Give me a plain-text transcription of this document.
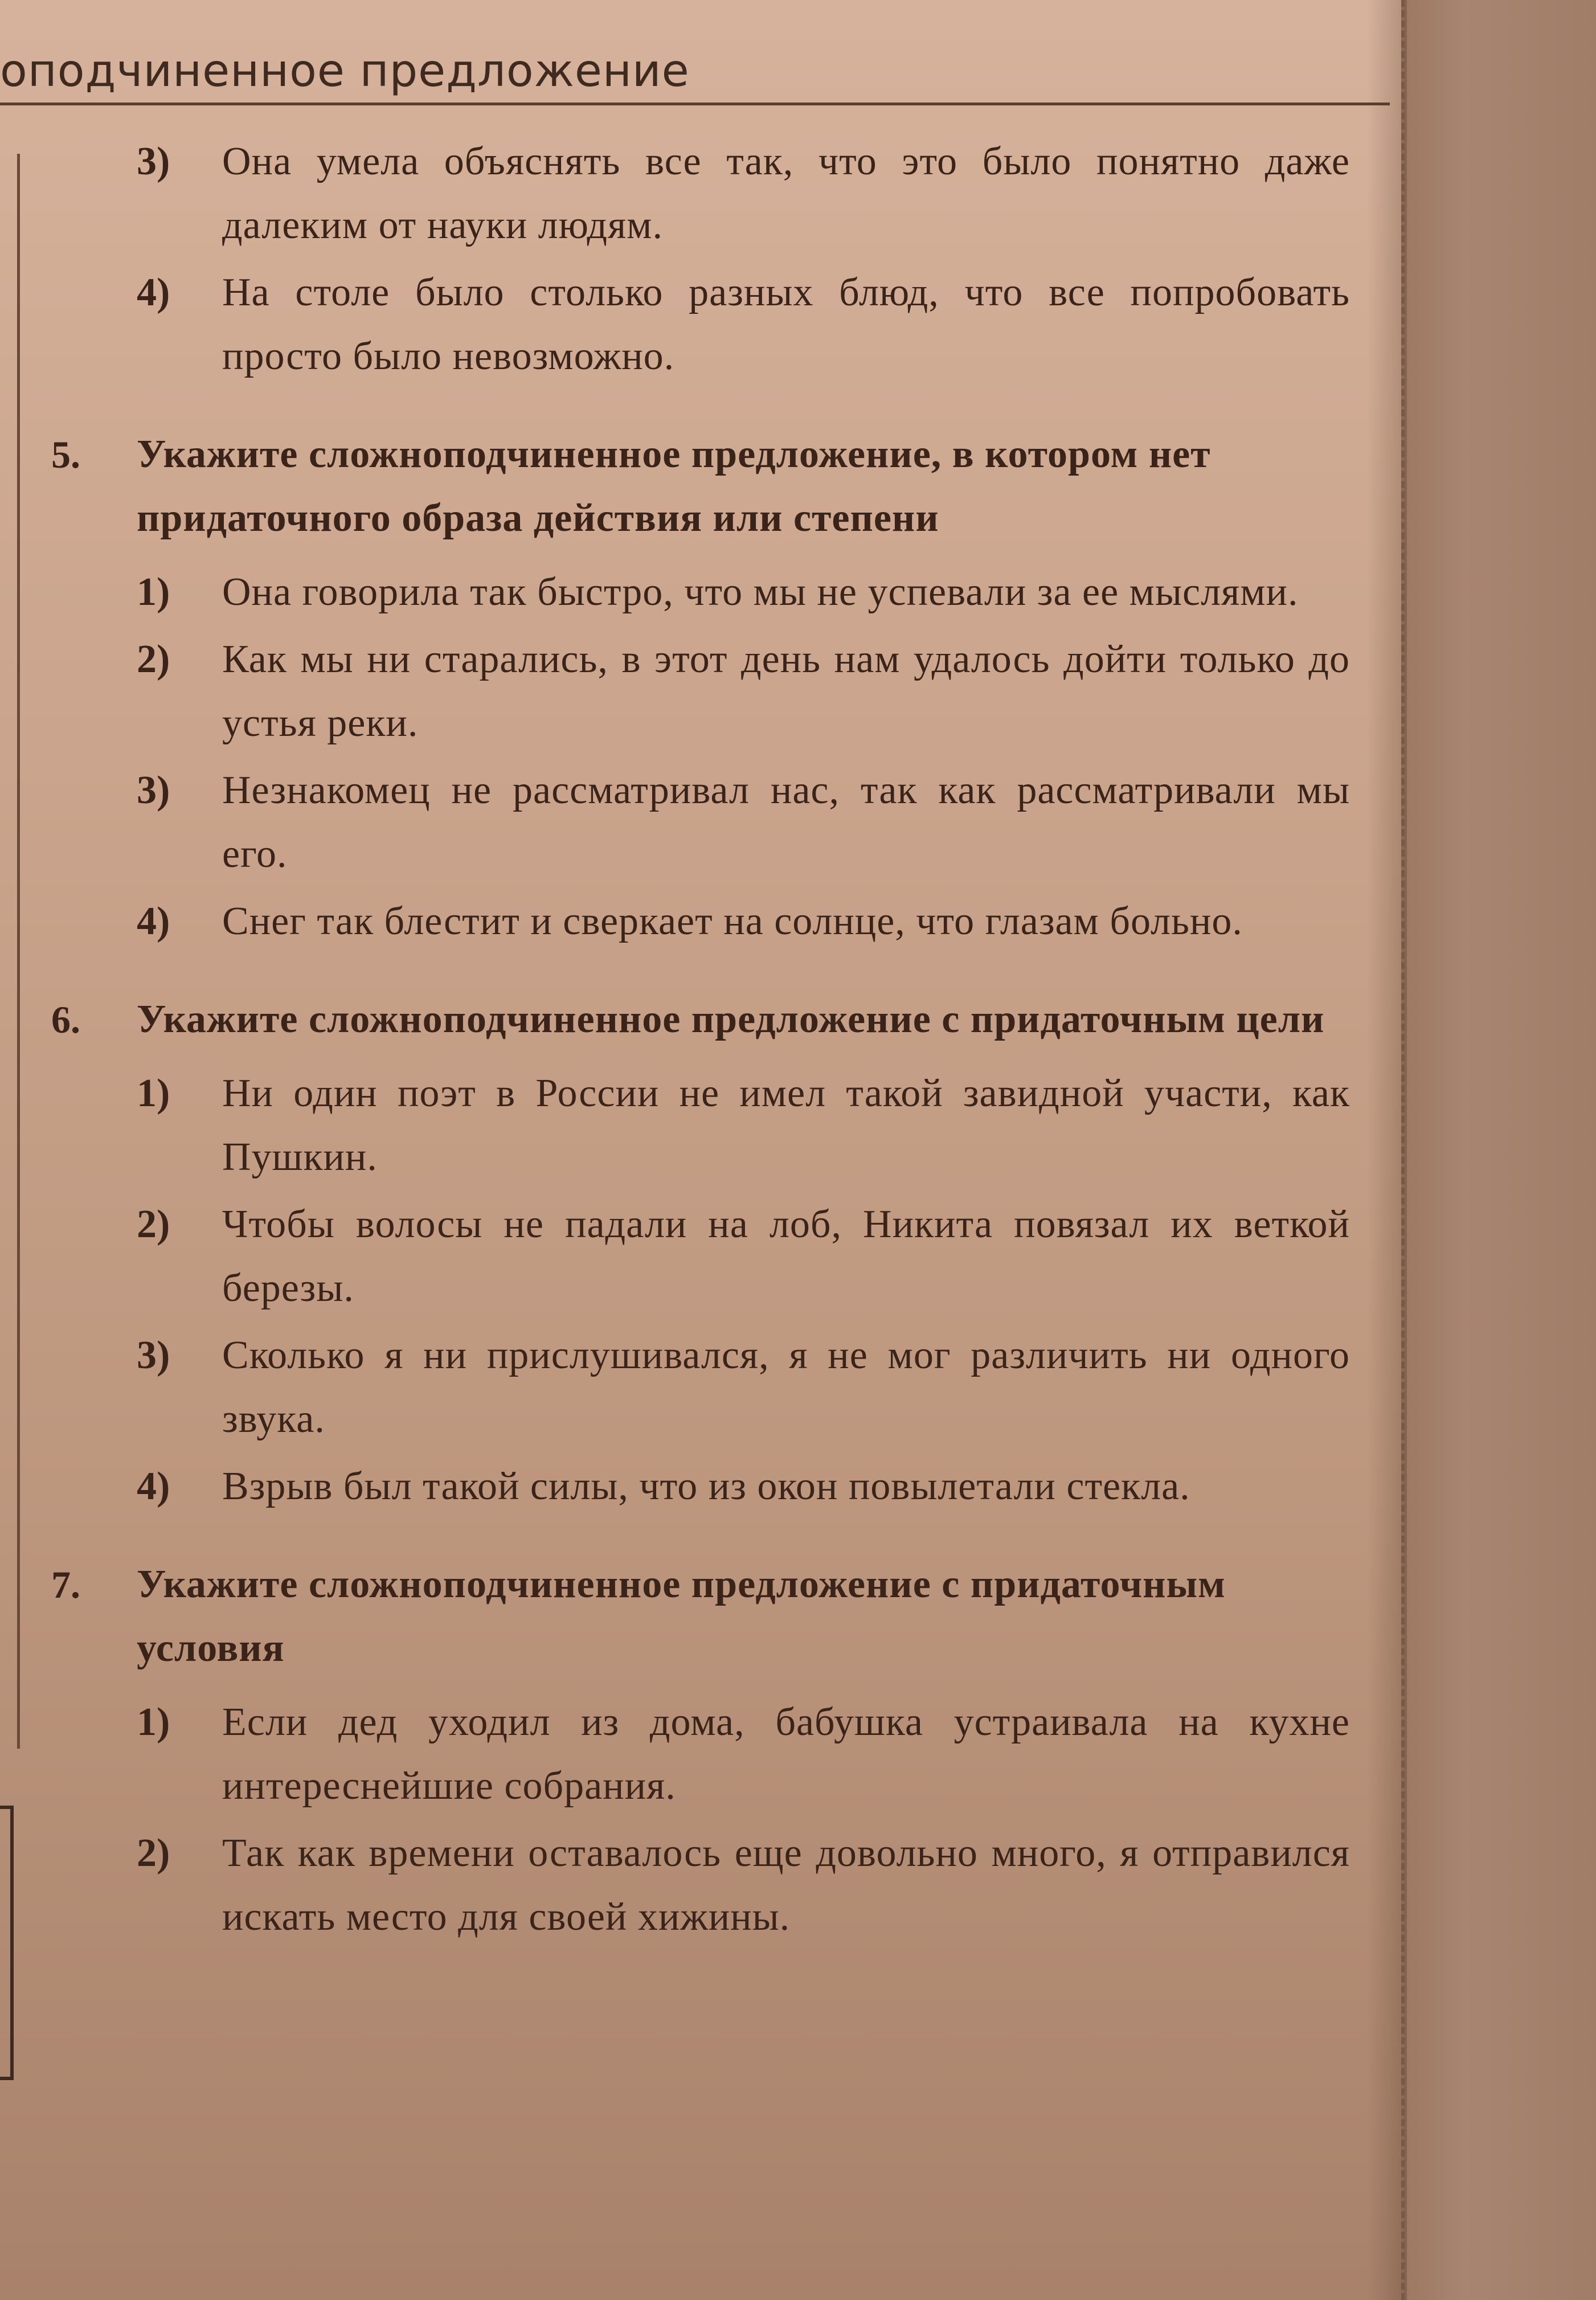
оподчиненное предложение
3) Она умела объяснять все так, что это было понятно даже далеким от науки людям.
4) На столе было столько разных блюд, что все попробовать просто было невозможно.
5. Укажите сложноподчиненное предложение, в котором нет придаточного образа действия или степени
1) Она говорила так быстро, что мы не успевали за ее мыслями.
2) Как мы ни старались, в этот день нам удалось дойти только до устья реки.
3) Незнакомец не рассматривал нас, так как рассматривали мы его.
4) Снег так блестит и сверкает на солнце, что глазам больно.
6. Укажите сложноподчиненное предложение с придаточным цели
1) Ни один поэт в России не имел такой завидной участи, как Пушкин.
2) Чтобы волосы не падали на лоб, Никита повязал их веткой березы.
3) Сколько я ни прислушивался, я не мог различить ни одного звука.
4) Взрыв был такой силы, что из окон повылетали стекла.
7. Укажите сложноподчиненное предложение с придаточным условия
1) Если дед уходил из дома, бабушка устраивала на кухне интереснейшие собрания.
2) Так как времени оставалось еще довольно много, я отправился искать место для своей хижины.
